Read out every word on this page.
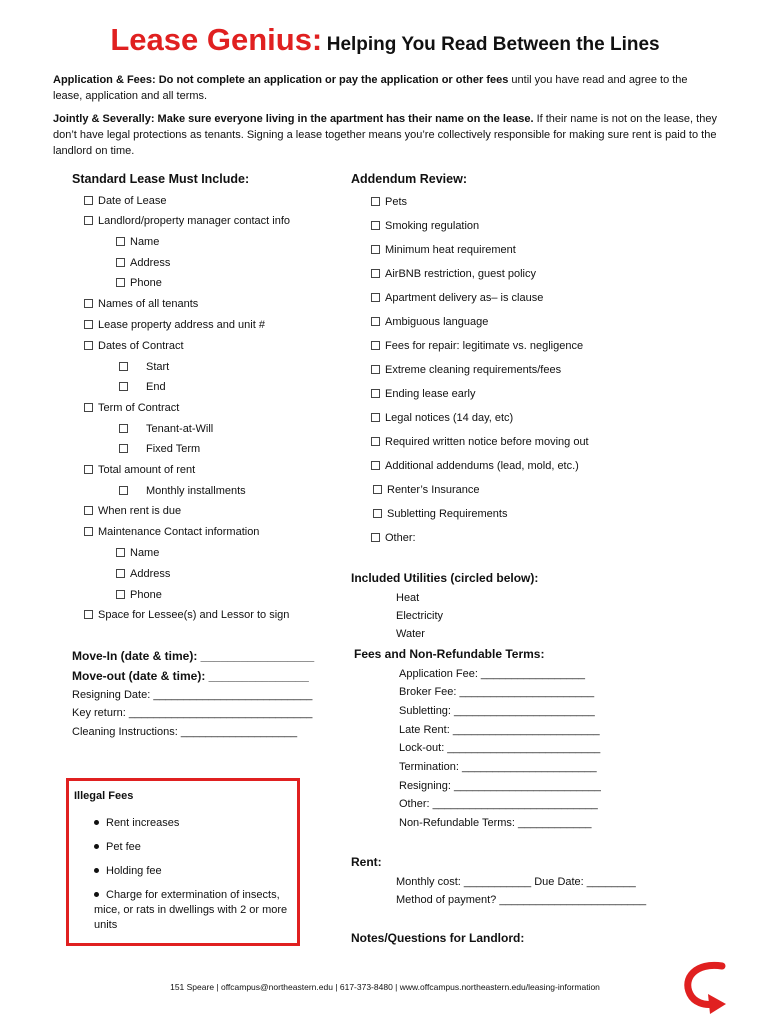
Lease Genius: Helping You Read Between the Lines
Application & Fees: Do not complete an application or pay the application or other fees until you have read and agree to the lease, application and all terms.
Jointly & Severally: Make sure everyone living in the apartment has their name on the lease. If their name is not on the lease, they don’t have legal protections as tenants. Signing a lease together means you’re collectively responsible for making sure rent is paid to the landlord on time.
Standard Lease Must Include:
Date of Lease
Landlord/property manager contact info
Name
Address
Phone
Names of all tenants
Lease property address and unit #
Dates of Contract
Start
End
Term of Contract
Tenant-at-Will
Fixed Term
Total amount of rent
Monthly installments
When rent is due
Maintenance Contact information
Name
Address
Phone
Space for Lessee(s) and Lessor to sign
Addendum Review:
Pets
Smoking regulation
Minimum heat requirement
AirBNB restriction, guest policy
Apartment delivery as– is clause
Ambiguous language
Fees for repair: legitimate vs. negligence
Extreme cleaning requirements/fees
Ending lease early
Legal notices (14 day, etc)
Required written notice before moving out
Additional addendums (lead, mold, etc.)
Renter’s Insurance
Subletting Requirements
Other:
Included Utilities (circled below):
Heat
Electricity
Water
Move-In (date & time): _________________
Move-out (date & time): _______________
Resigning Date: __________________________
Key return: ______________________________
Cleaning Instructions: ___________________
Fees and Non-Refundable Terms:
Application Fee: _________________
Broker Fee: ______________________
Subletting: _______________________
Late Rent: ________________________
Lock-out: _________________________
Termination: ______________________
Resigning: ________________________
Other: ___________________________
Non-Refundable Terms: ____________
Illegal Fees
Rent increases
Pet fee
Holding fee
Charge for extermination of insects, mice, or rats in dwellings with 2 or more units
Rent:
Monthly cost: ___________ Due Date: ________
Method of payment? ________________________
Notes/Questions for Landlord:
151 Speare | offcampus@northeastern.edu | 617-373-8480 | www.offcampus.northeastern.edu/leasing-information
